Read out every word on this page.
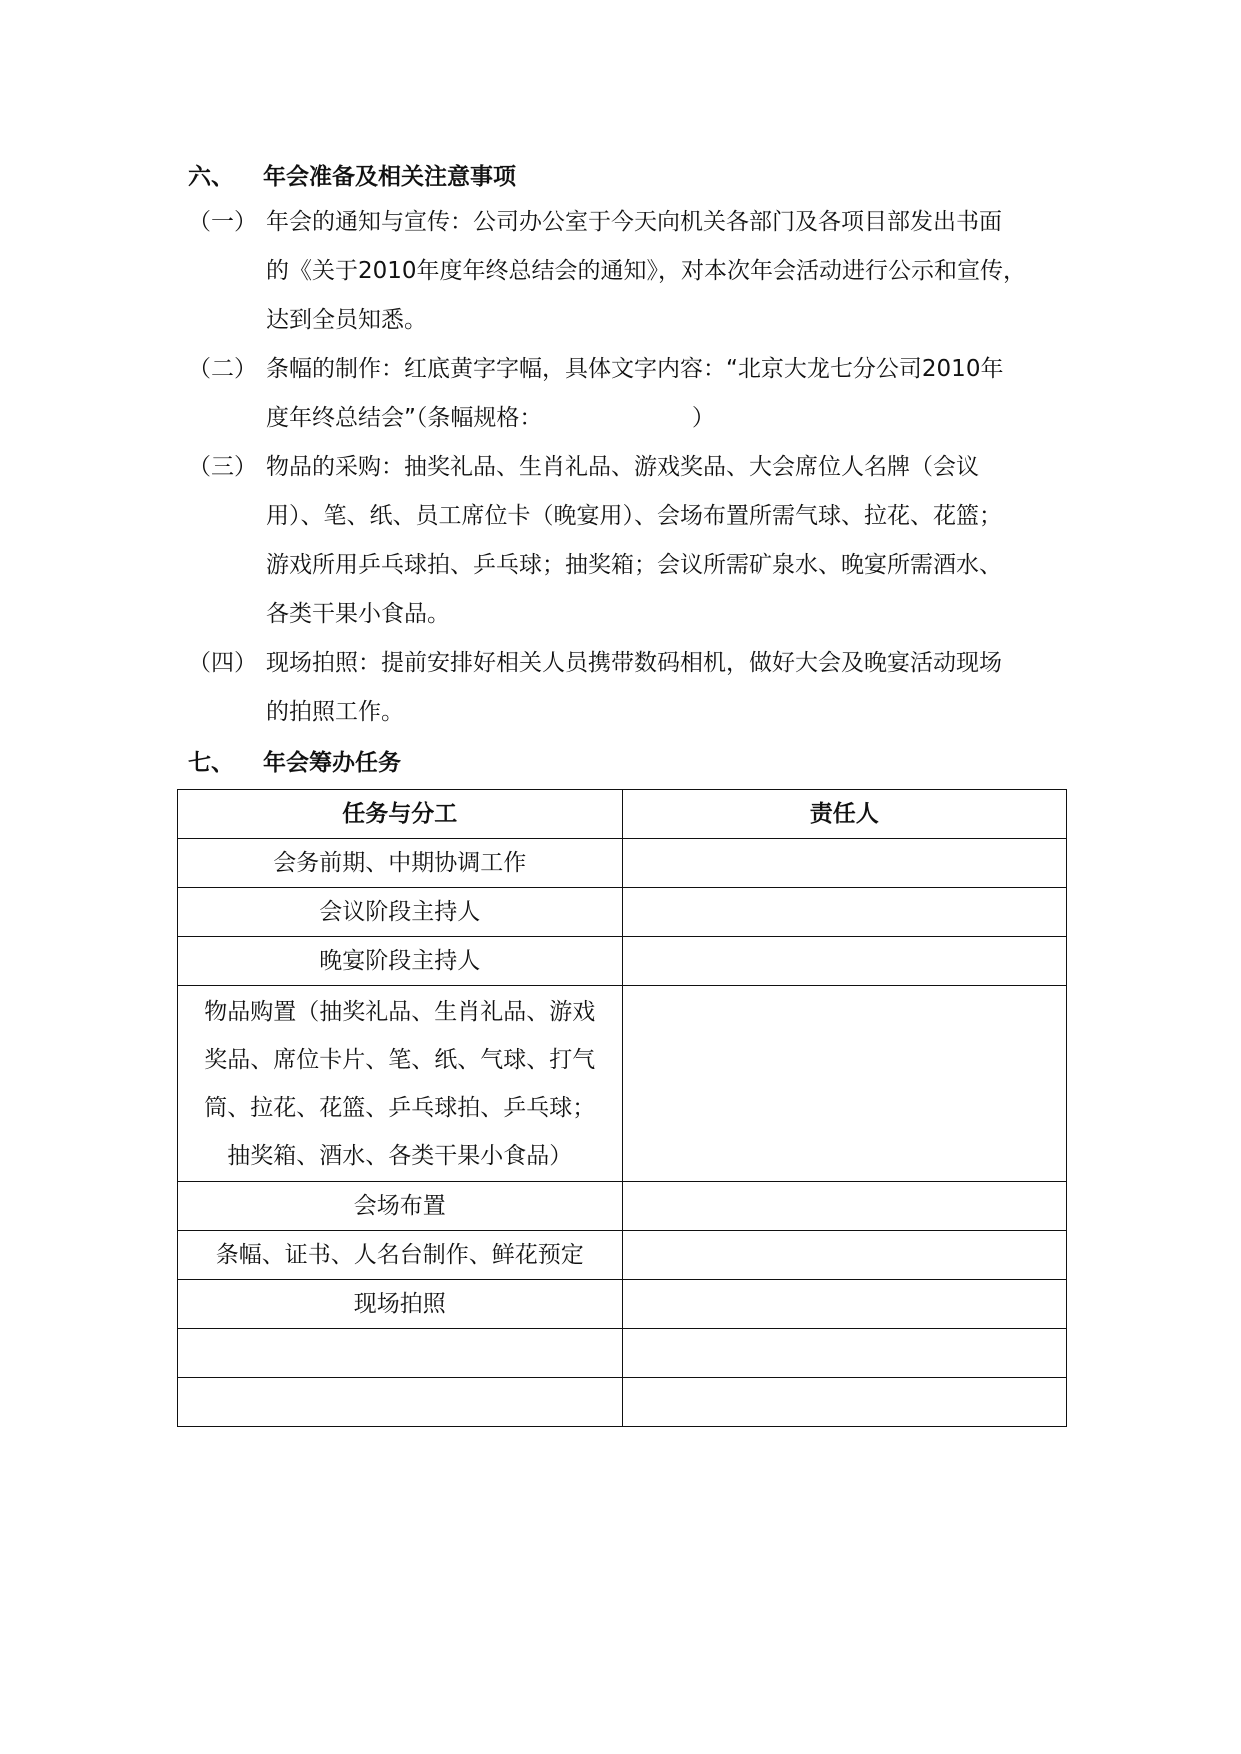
六、 年会准备及相关注意事项
（一） 年会的通知与宣传：公司办公室于今天向机关各部门及各项目部发出书面
的《关于2010年度年终总结会的通知》，对本次年会活动进行公示和宣传，
达到全员知悉。
（二） 条幅的制作：红底黄字字幅，具体文字内容：“北京大龙七分公司2010年
度年终总结会”（条幅规格：　　　　　　　）
（三） 物品的采购：抽奖礼品、生肖礼品、游戏奖品、大会席位人名牌（会议
用）、笔、纸、员工席位卡（晚宴用）、会场布置所需气球、拉花、花篮；
游戏所用乒乓球拍、乒乓球；抽奖箱；会议所需矿泉水、晚宴所需酒水、
各类干果小食品。
（四） 现场拍照：提前安排好相关人员携带数码相机，做好大会及晚宴活动现场
的拍照工作。
七、 年会筹办任务
任务与分工	责任人
会务前期、中期协调工作	
会议阶段主持人	
晚宴阶段主持人	

物品购置（抽奖礼品、生肖礼品、游戏
奖品、席位卡片、笔、纸、气球、打气
筒、拉花、花篮、乒乓球拍、乒乓球；
抽奖箱、酒水、各类干果小食品）	

会场布置	
条幅、证书、人名台制作、鲜花预定	
现场拍照	
